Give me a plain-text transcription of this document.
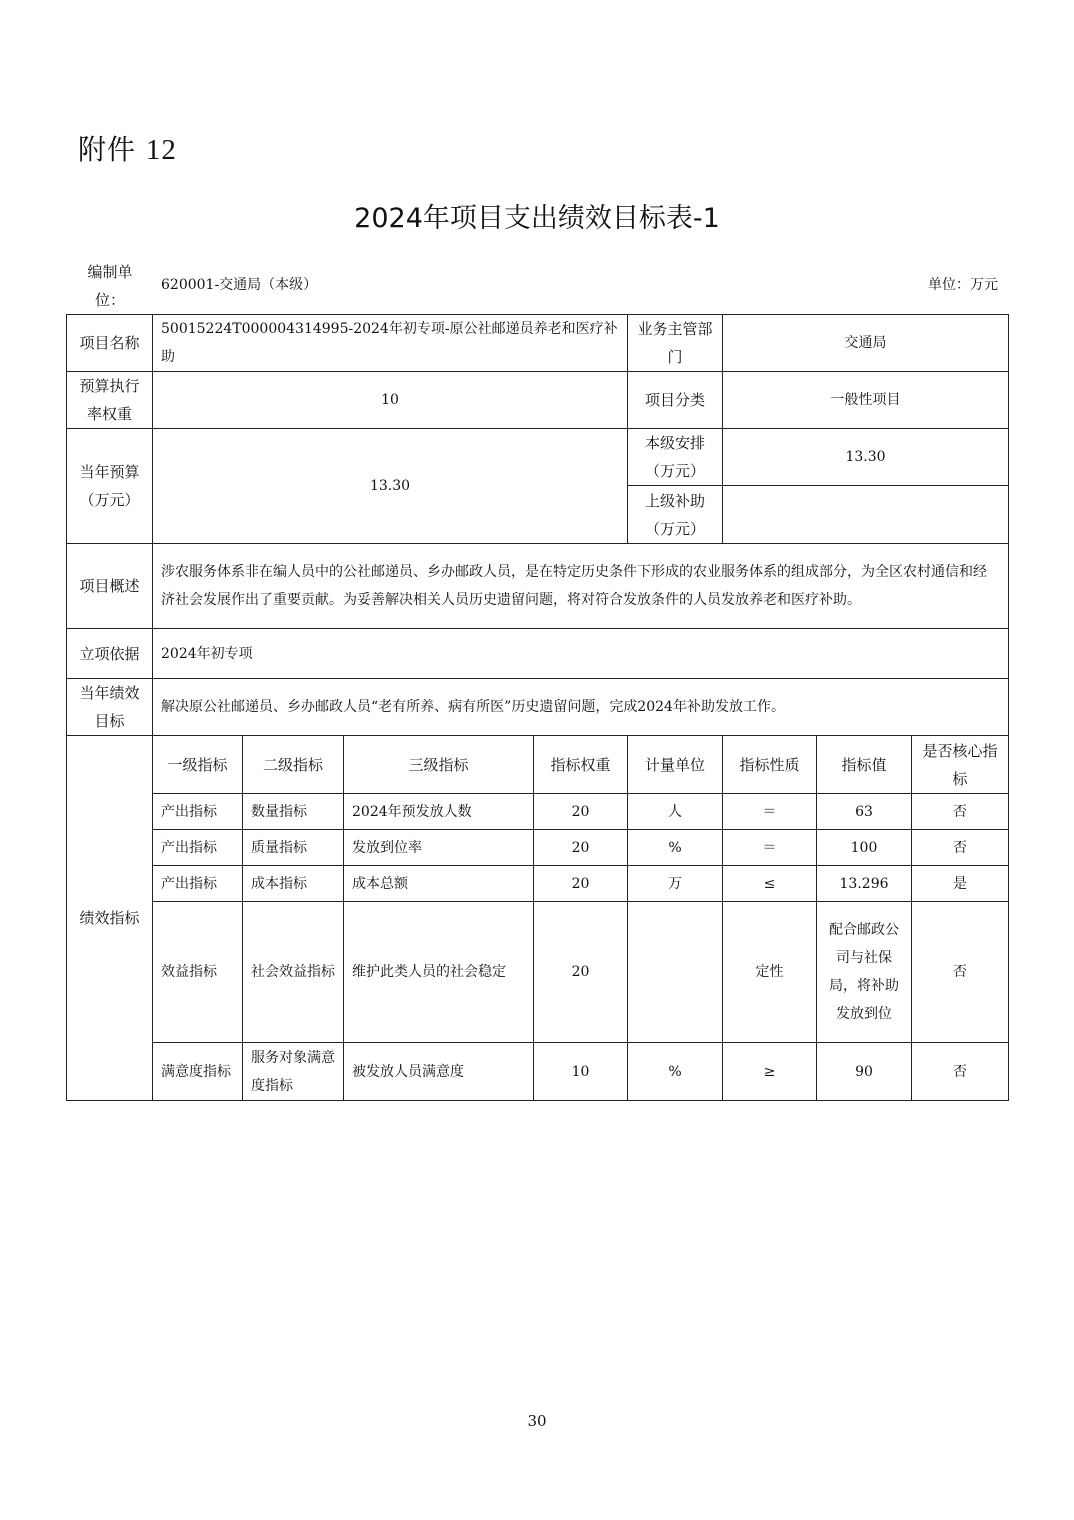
附件 12
2024年项目支出绩效目标表-1
编制单位：
620001-交通局（本级）	单位：万元
项目名称	50015224T000004314995-2024年初专项-原公社邮递员养老和医疗补助				业务主管部门	交通局		
预算执行率权重	10				项目分类	一般性项目		
当年预算（万元）	13.30				本级安排（万元）	13.30		
					上级补助（万元）			
项目概述	涉农服务体系非在编人员中的公社邮递员、乡办邮政人员，是在特定历史条件下形成的农业服务体系的组成部分，为全区农村通信和经济社会发展作出了重要贡献。为妥善解决相关人员历史遗留问题，将对符合发放条件的人员发放养老和医疗补助。							
立项依据	2024年初专项							
当年绩效目标	解决原公社邮递员、乡办邮政人员“老有所养、病有所医”历史遗留问题，完成2024年补助发放工作。							
绩效指标	一级指标	二级指标	三级指标	指标权重	计量单位	指标性质	指标值	是否核心指标
	产出指标	数量指标	2024年预发放人数	20	人	＝	63	否
	产出指标	质量指标	发放到位率	20	%	＝	100	否
	产出指标	成本指标	成本总额	20	万	≤	13.296	是
	效益指标	社会效益指标	维护此类人员的社会稳定	20		定性	配合邮政公司与社保局，将补助发放到位	否
	满意度指标	服务对象满意度指标	被发放人员满意度	10	%	≥	90	否
30
